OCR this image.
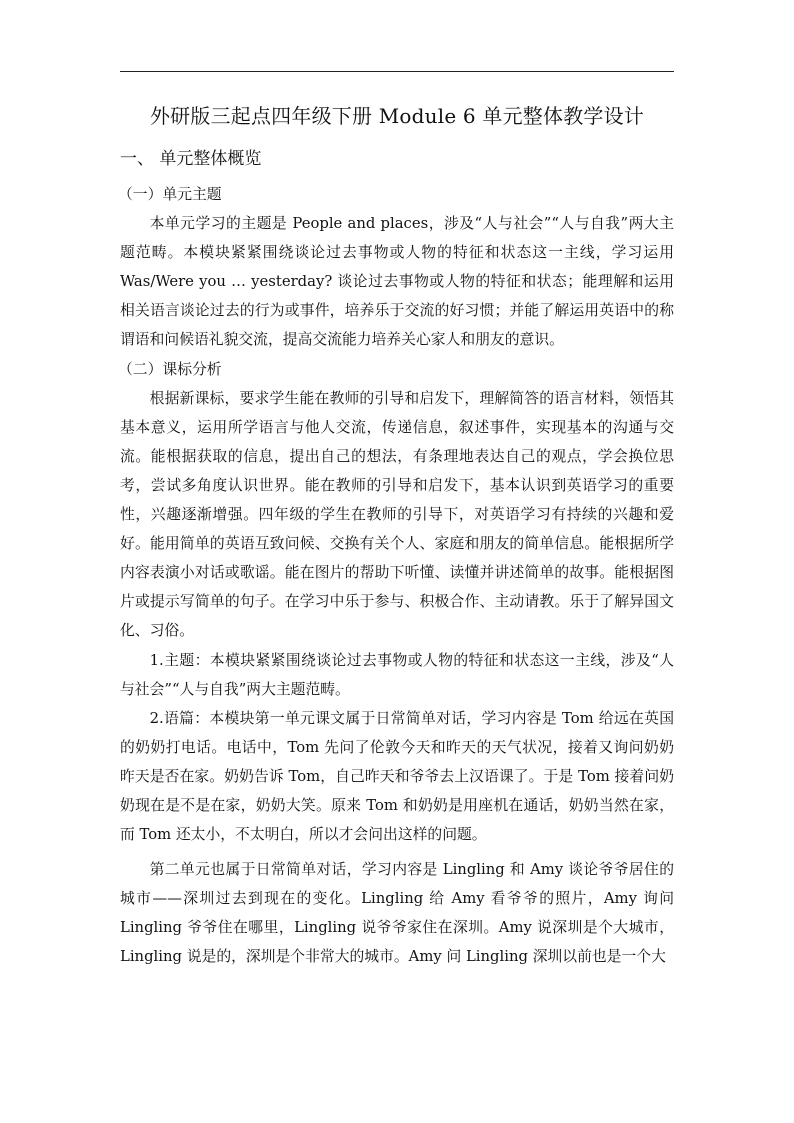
外研版三起点四年级下册 Module 6 单元整体教学设计
一、 单元整体概览

（一）单元主题

本单元学习的主题是 People and places，涉及“人与社会”“人与自我”两大主题范畴。本模块紧紧围绕谈论过去事物或人物的特征和状态这一主线，学习运用 Was/Were you … yesterday? 谈论过去事物或人物的特征和状态；能理解和运用相关语言谈论过去的行为或事件，培养乐于交流的好习惯；并能了解运用英语中的称谓语和问候语礼貌交流，提高交流能力培养关心家人和朋友的意识。

（二）课标分析

根据新课标，要求学生能在教师的引导和启发下，理解简答的语言材料，领悟其基本意义，运用所学语言与他人交流，传递信息，叙述事件，实现基本的沟通与交流。能根据获取的信息，提出自己的想法，有条理地表达自己的观点，学会换位思考，尝试多角度认识世界。能在教师的引导和启发下，基本认识到英语学习的重要性，兴趣逐渐增强。四年级的学生在教师的引导下，对英语学习有持续的兴趣和爱好。能用简单的英语互致问候、交换有关个人、家庭和朋友的简单信息。能根据所学内容表演小对话或歌谣。能在图片的帮助下听懂、读懂并讲述简单的故事。能根据图片或提示写简单的句子。在学习中乐于参与、积极合作、主动请教。乐于了解异国文化、习俗。

1.主题：本模块紧紧围绕谈论过去事物或人物的特征和状态这一主线，涉及“人与社会”“人与自我”两大主题范畴。

2.语篇：本模块第一单元课文属于日常简单对话，学习内容是 Tom 给远在英国的奶奶打电话。电话中，Tom 先问了伦敦今天和昨天的天气状况，接着又询问奶奶昨天是否在家。奶奶告诉 Tom，自己昨天和爷爷去上汉语课了。于是 Tom 接着问奶奶现在是不是在家，奶奶大笑。原来 Tom 和奶奶是用座机在通话，奶奶当然在家，而 Tom 还太小，不太明白，所以才会问出这样的问题。

第二单元也属于日常简单对话，学习内容是 Lingling 和 Amy 谈论爷爷居住的城市——深圳过去到现在的变化。Lingling 给 Amy 看爷爷的照片，Amy 询问 Lingling 爷爷住在哪里，Lingling 说爷爷家住在深圳。Amy 说深圳是个大城市，Lingling 说是的，深圳是个非常大的城市。Amy 问 Lingling 深圳以前也是一个大
